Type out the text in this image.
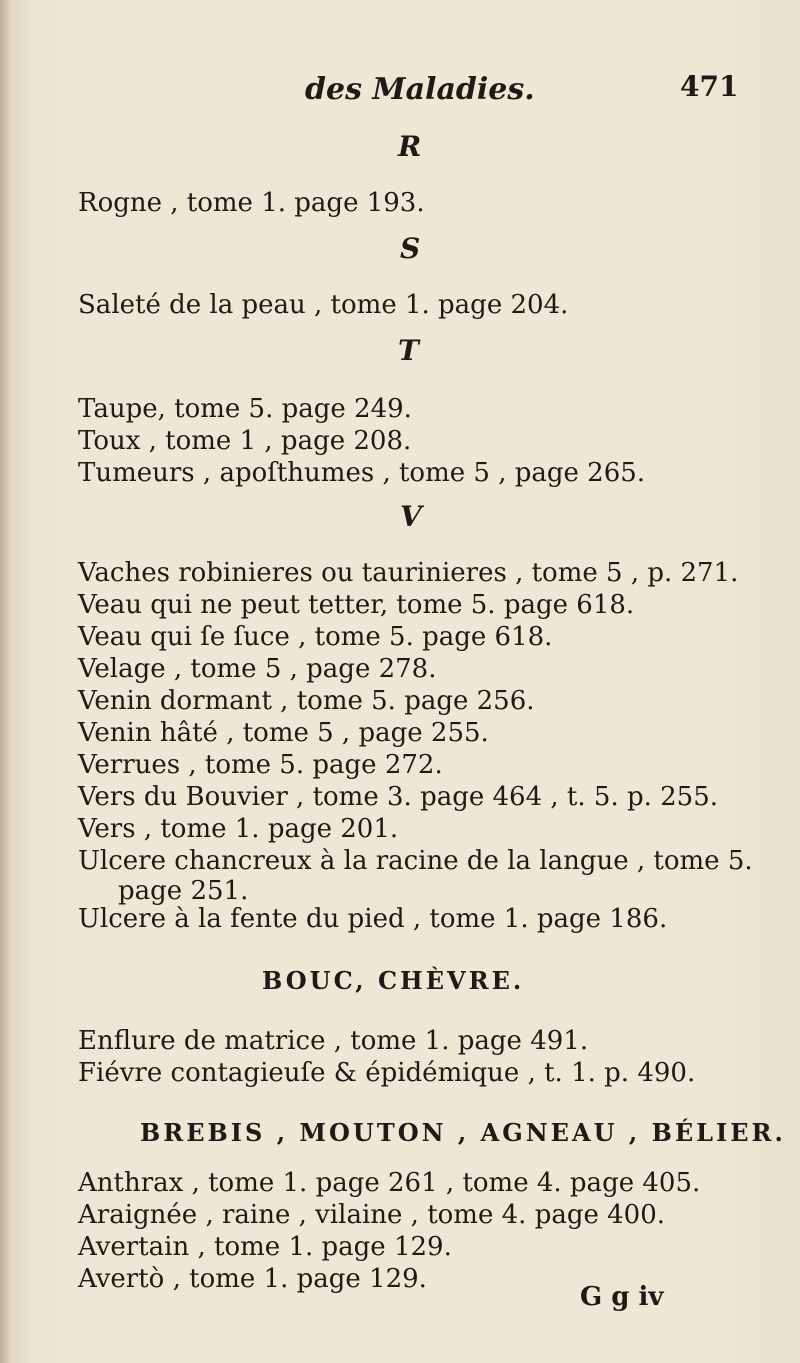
des Maladies.	471
R
Rogne , tome 1. page 193.
S
Saleté de la peau , tome 1. page 204.
T
Taupe, tome 5. page 249.
Toux , tome 1 , page 208.
Tumeurs , apoſthumes , tome 5 , page 265.
V
Vaches robinieres ou taurinieres , tome 5 , p. 271.
Veau qui ne peut tetter, tome 5. page 618.
Veau qui ſe ſuce , tome 5. page 618.
Velage , tome 5 , page 278.
Venin dormant , tome 5. page 256.
Venin hâté , tome 5 , page 255.
Verrues , tome 5. page 272.
Vers du Bouvier , tome 3. page 464 , t. 5. p. 255.
Vers , tome 1. page 201.
Ulcere chancreux à la racine de la langue , tome 5.
page 251.
Ulcere à la fente du pied , tome 1. page 186.
BOUC, CHÈVRE.
Enflure de matrice , tome 1. page 491.
Fiévre contagieuſe & épidémique , t. 1. p. 490.
BREBIS , MOUTON , AGNEAU , BÉLIER.
Anthrax , tome 1. page 261 , tome 4. page 405.
Araignée , raine , vilaine , tome 4. page 400.
Avertain , tome 1. page 129.
Avertò , tome 1. page 129.
G g iv
